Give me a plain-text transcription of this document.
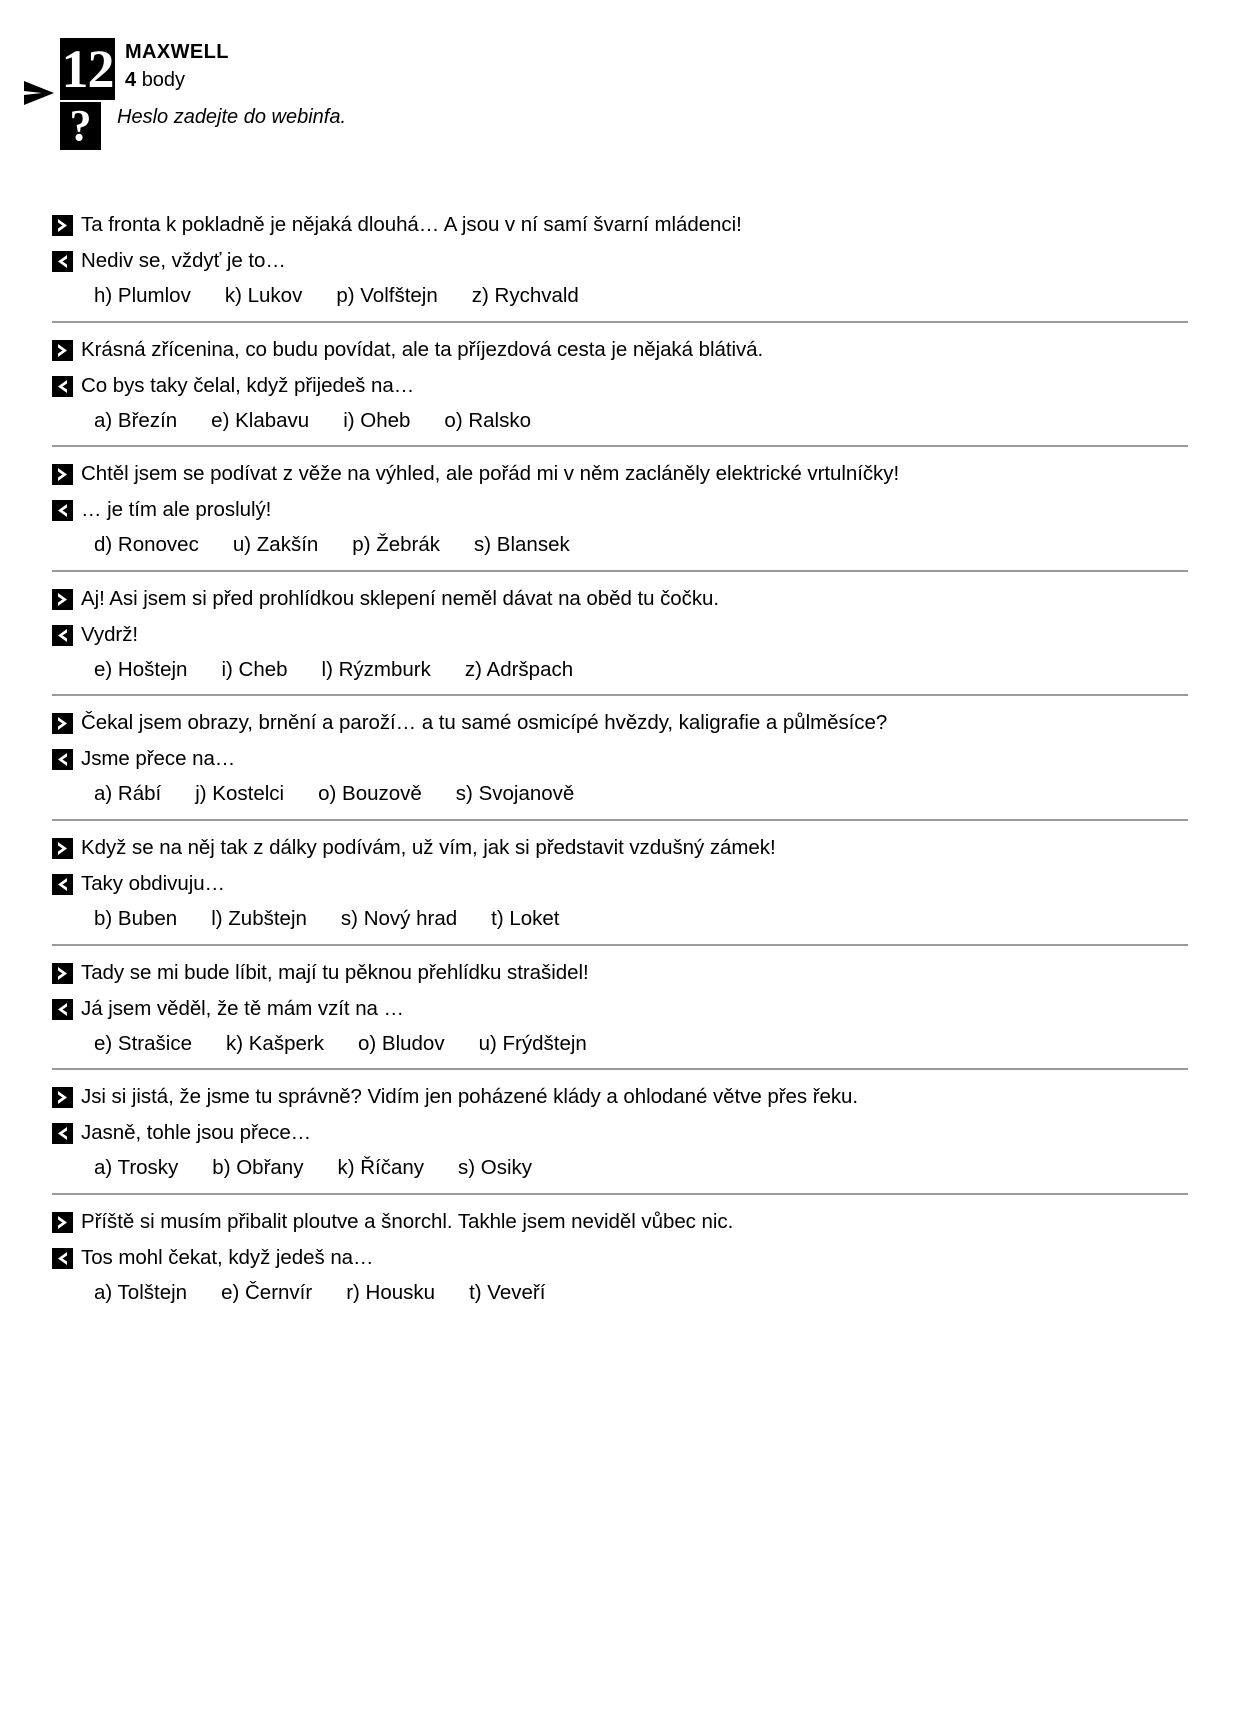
12 MAXWELL
4 body
?	Heslo zadejte do webinfa.
Ta fronta k pokladně je nějaká dlouhá… A jsou v ní samí švarní mládenci!
Nediv se, vždyť je to…
h) Plumlov k) Lukov p) Volfštejn z) Rychvald
Krásná zřícenina, co budu povídat, ale ta příjezdová cesta je nějaká blátivá.
Co bys taky čelal, když přijedeš na…
a) Březín e) Klabavu i) Oheb o) Ralsko
Chtěl jsem se podívat z věže na výhled, ale pořád mi v něm zacláněly elektrické vrtulníčky!
… je tím ale proslulý!
d) Ronovec u) Zakšín p) Žebrák s) Blansek
Aj! Asi jsem si před prohlídkou sklepení neměl dávat na oběd tu čočku.
Vydrž!
e) Hoštejn i) Cheb l) Rýzmburk z) Adršpach
Čekal jsem obrazy, brnění a paroží… a tu samé osmicípé hvězdy, kaligrafie a půlměsíce?
Jsme přece na…
a) Rábí j) Kostelci o) Bouzově s) Svojanově
Když se na něj tak z dálky podívám, už vím, jak si představit vzdušný zámek!
Taky obdivuju…
b) Buben l) Zubštejn s) Nový hrad t) Loket
Tady se mi bude líbit, mají tu pěknou přehlídku strašidel!
Já jsem věděl, že tě mám vzít na …
e) Strašice k) Kašperk o) Bludov u) Frýdštejn
Jsi si jistá, že jsme tu správně? Vidím jen poházené klády a ohlodané větve přes řeku.
Jasně, tohle jsou přece…
a) Trosky b) Obřany k) Říčany s) Osiky
Příště si musím přibalit ploutve a šnorchl. Takhle jsem neviděl vůbec nic.
Tos mohl čekat, když jedeš na…
a) Tolštejn e) Černvír r) Housku t) Veveří
